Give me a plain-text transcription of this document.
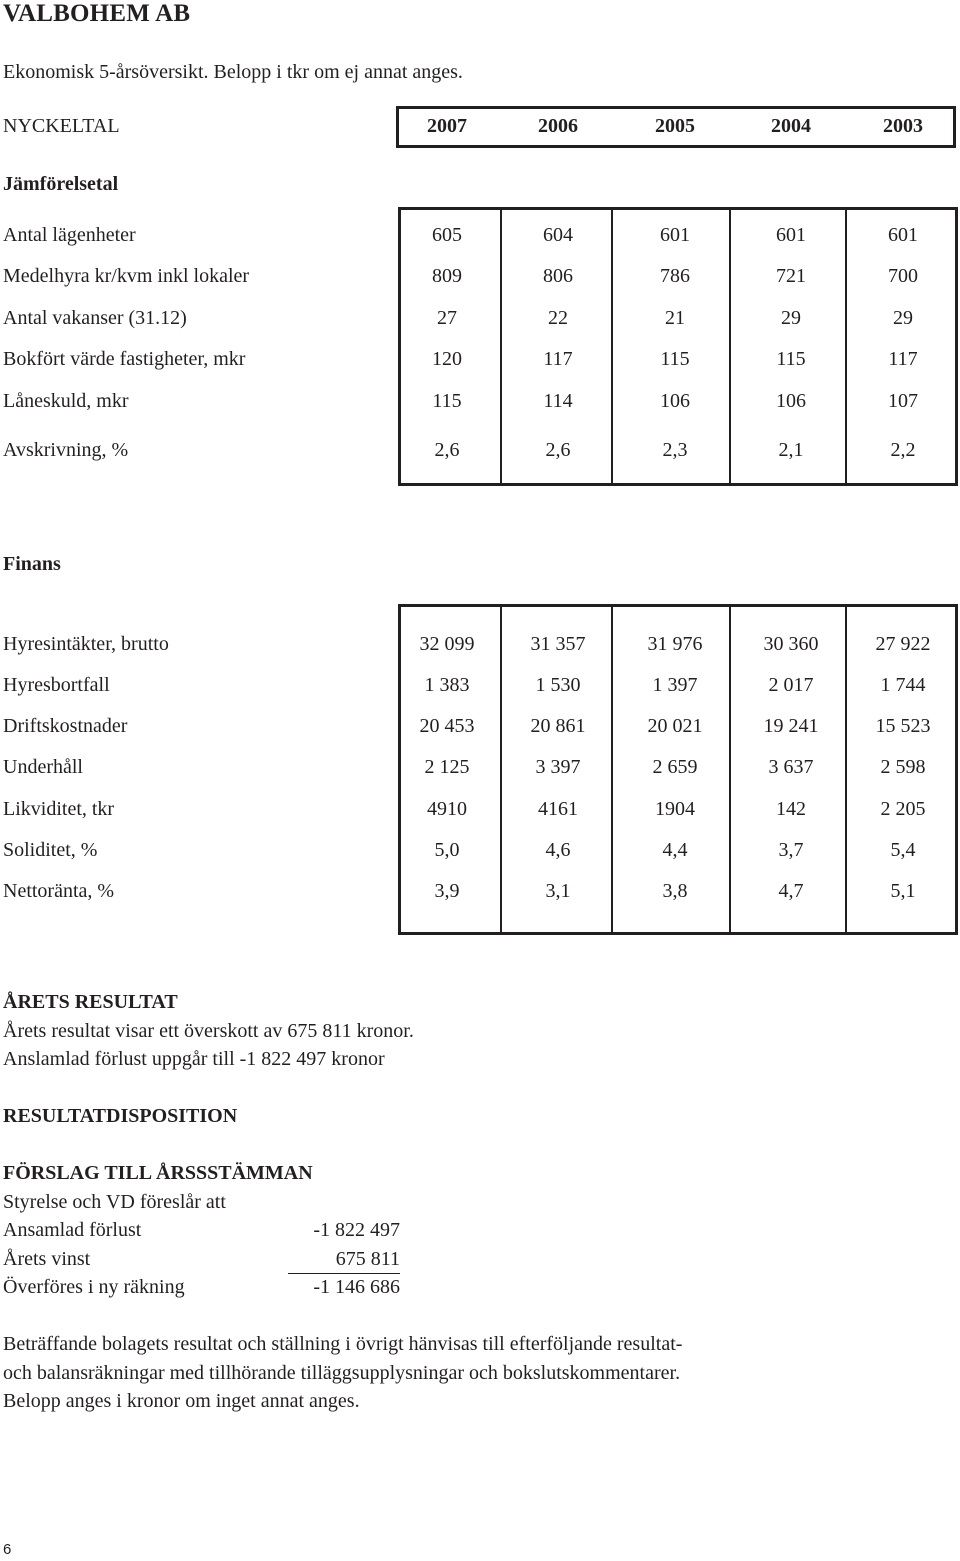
VALBOHEM AB
Ekonomisk 5-årsöversikt. Belopp i tkr om ej annat anges.
NYCKELTAL	2007	2006	2005	2004	2003
Jämförelsetal
Antal lägenheter	605	604	601	601	601
Medelhyra kr/kvm inkl lokaler	809	806	786	721	700
Antal vakanser (31.12)	27	22	21	29	29
Bokfört värde fastigheter, mkr	120	117	115	115	117
Låneskuld, mkr	115	114	106	106	107
Avskrivning, %	2,6	2,6	2,3	2,1	2,2
Finans
Hyresintäkter, brutto	32 099	31 357	31 976	30 360	27 922
Hyresbortfall	1 383	1 530	1 397	2 017	1 744
Driftskostnader	20 453	20 861	20 021	19 241	15 523
Underhåll	2 125	3 397	2 659	3 637	2 598
Likviditet, tkr	4910	4161	1904	142	2 205
Soliditet, %	5,0	4,6	4,4	3,7	5,4
Nettoränta, %	3,9	3,1	3,8	4,7	5,1
ÅRETS RESULTAT
Årets resultat visar ett överskott av 675 811 kronor.
Anslamlad förlust uppgår till -1 822 497 kronor
RESULTATDISPOSITION
FÖRSLAG TILL ÅRSSSTÄMMAN
Styrelse och VD föreslår att
Ansamlad förlust	-1 822 497
Årets vinst	675 811
Överföres i ny räkning	-1 146 686
Beträffande bolagets resultat och ställning i övrigt hänvisas till efterföljande resultat-
och balansräkningar med tillhörande tilläggsupplysningar och bokslutskommentarer.
Belopp anges i kronor om inget annat anges.
6
